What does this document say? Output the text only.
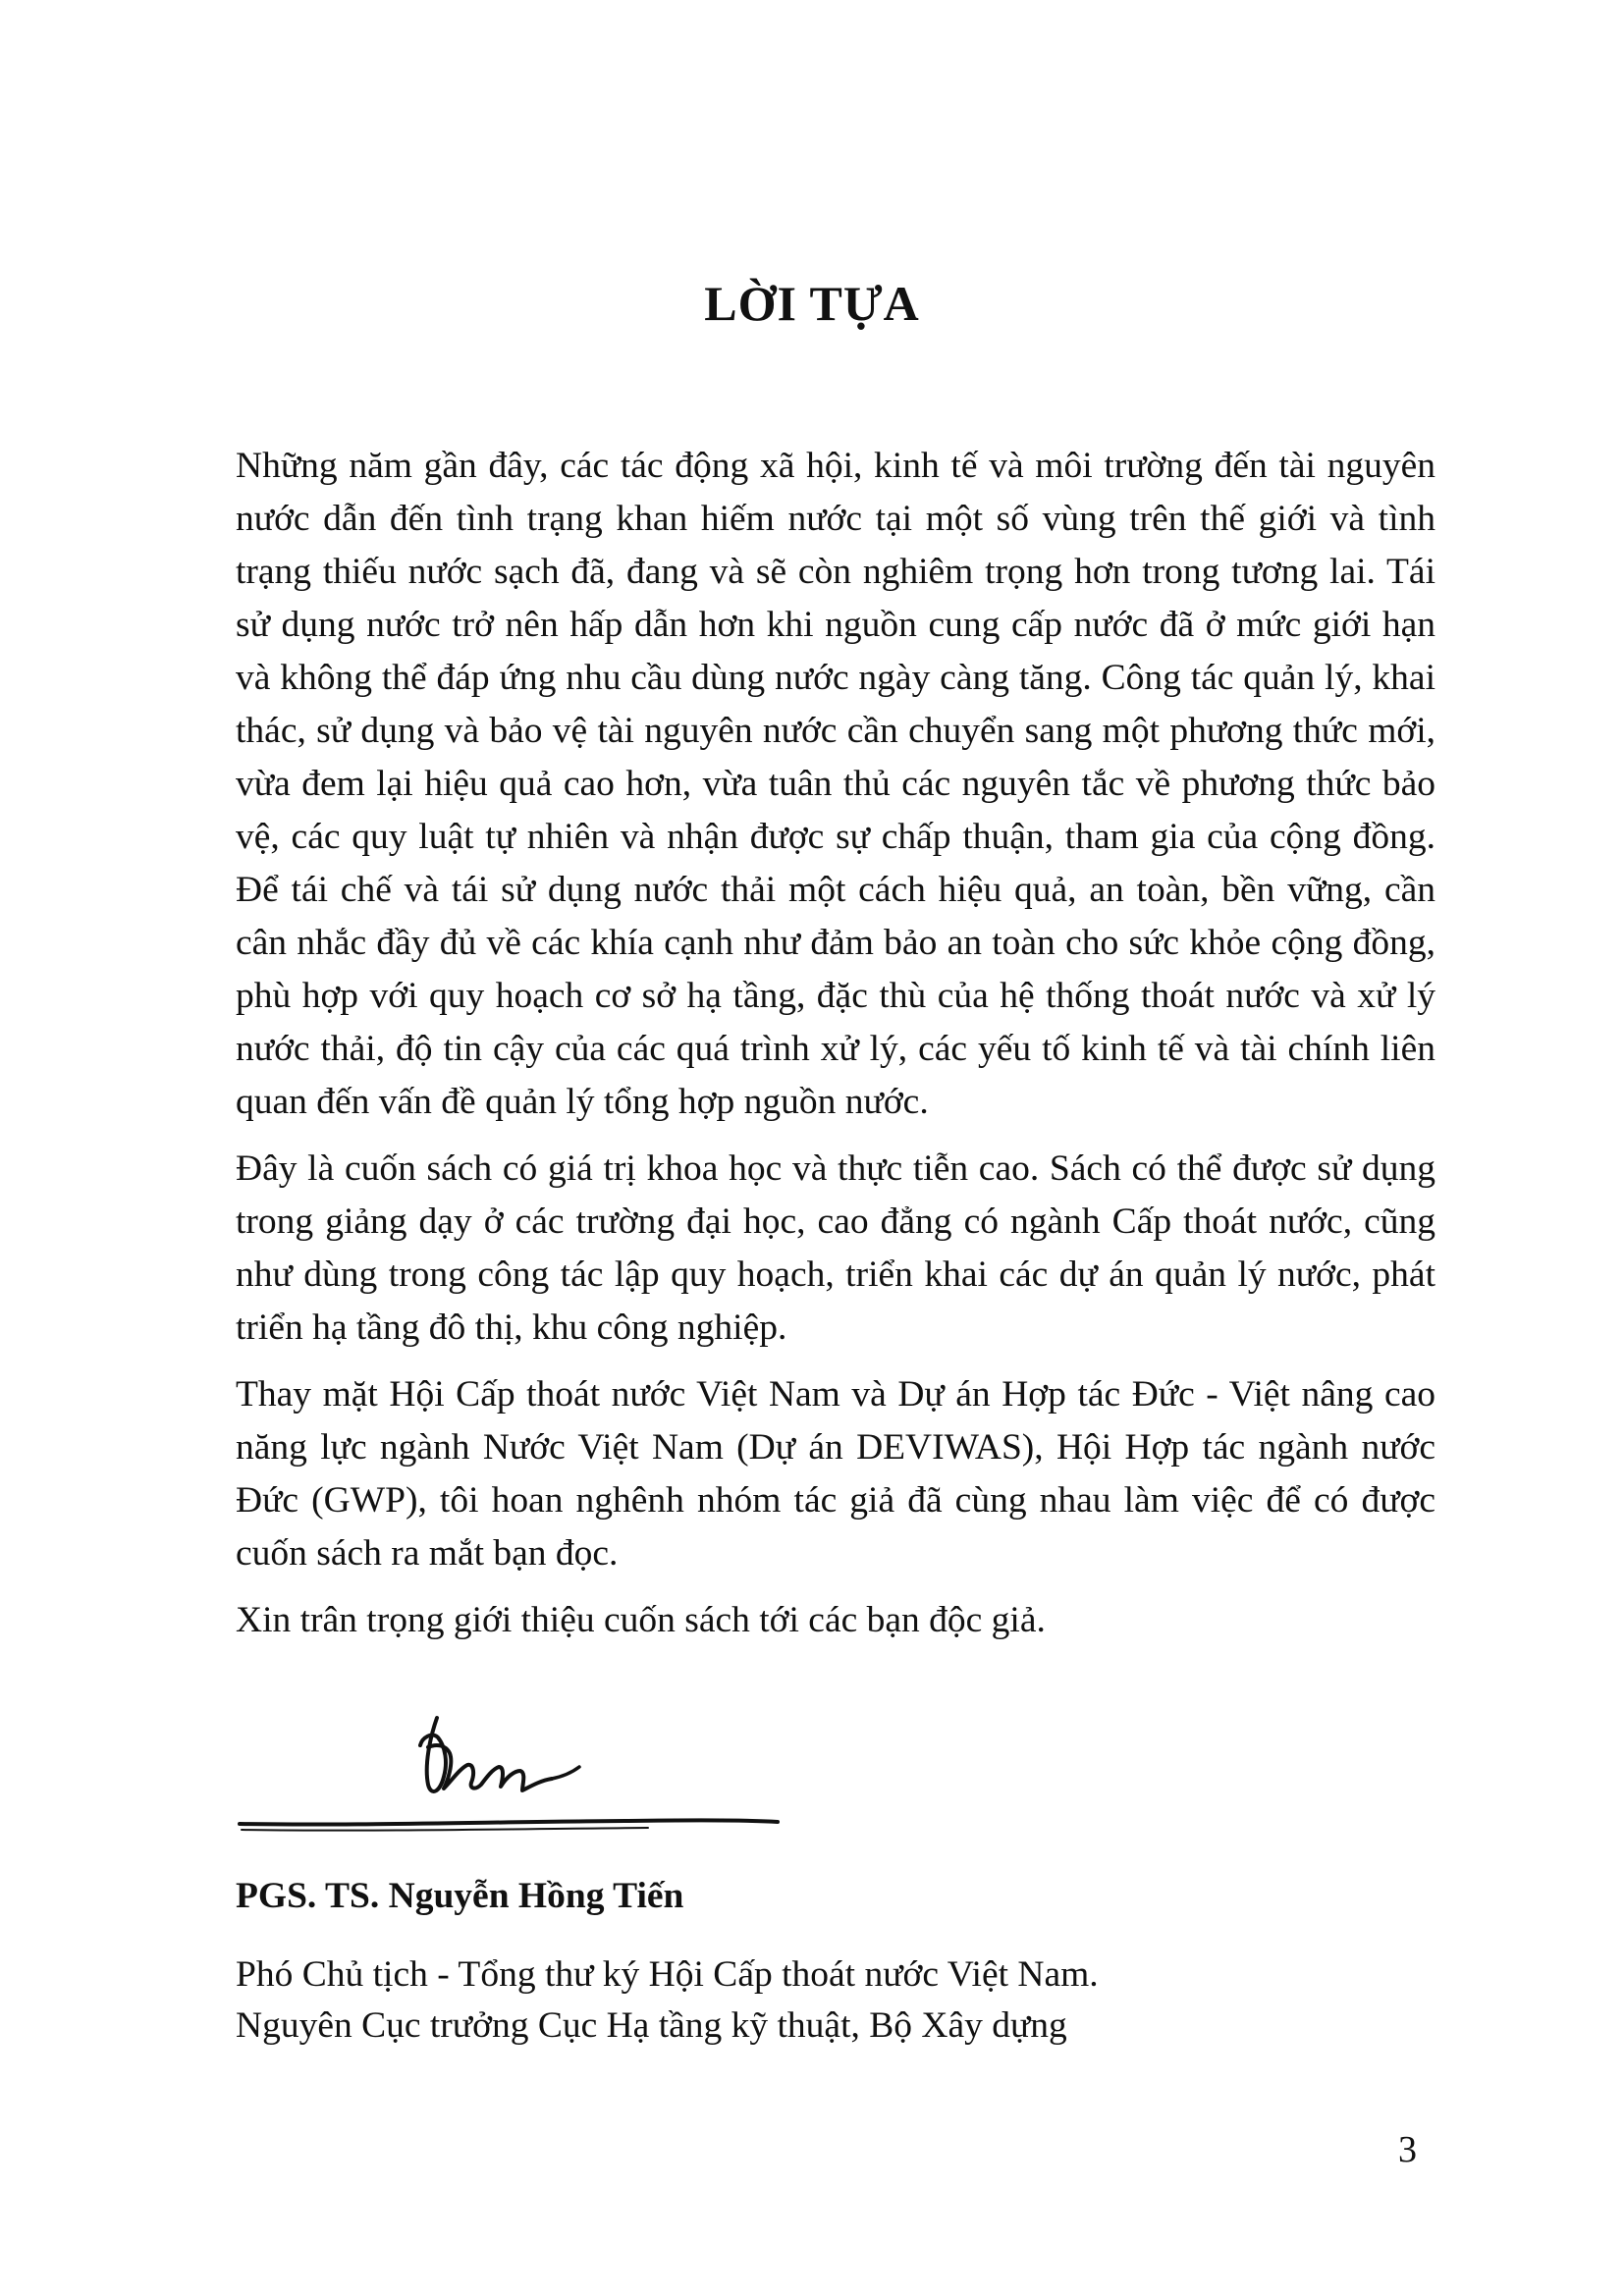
LỜI TỰA

Những năm gần đây, các tác động xã hội, kinh tế và môi trường đến tài nguyên nước dẫn đến tình trạng khan hiếm nước tại một số vùng trên thế giới và tình trạng thiếu nước sạch đã, đang và sẽ còn nghiêm trọng hơn trong tương lai. Tái sử dụng nước trở nên hấp dẫn hơn khi nguồn cung cấp nước đã ở mức giới hạn và không thể đáp ứng nhu cầu dùng nước ngày càng tăng. Công tác quản lý, khai thác, sử dụng và bảo vệ tài nguyên nước cần chuyển sang một phương thức mới, vừa đem lại hiệu quả cao hơn, vừa tuân thủ các nguyên tắc về phương thức bảo vệ, các quy luật tự nhiên và nhận được sự chấp thuận, tham gia của cộng đồng. Để tái chế và tái sử dụng nước thải một cách hiệu quả, an toàn, bền vững, cần cân nhắc đầy đủ về các khía cạnh như đảm bảo an toàn cho sức khỏe cộng đồng, phù hợp với quy hoạch cơ sở hạ tầng, đặc thù của hệ thống thoát nước và xử lý nước thải, độ tin cậy của các quá trình xử lý, các yếu tố kinh tế và tài chính liên quan đến vấn đề quản lý tổng hợp nguồn nước.

Đây là cuốn sách có giá trị khoa học và thực tiễn cao. Sách có thể được sử dụng trong giảng dạy ở các trường đại học, cao đẳng có ngành Cấp thoát nước, cũng như dùng trong công tác lập quy hoạch, triển khai các dự án quản lý nước, phát triển hạ tầng đô thị, khu công nghiệp.

Thay mặt Hội Cấp thoát nước Việt Nam và Dự án Hợp tác Đức - Việt nâng cao năng lực ngành Nước Việt Nam (Dự án DEVIWAS), Hội Hợp tác ngành nước Đức (GWP), tôi hoan nghênh nhóm tác giả đã cùng nhau làm việc để có được cuốn sách ra mắt bạn đọc.

Xin trân trọng giới thiệu cuốn sách tới các bạn độc giả.

PGS. TS. Nguyễn Hồng Tiến

Phó Chủ tịch - Tổng thư ký Hội Cấp thoát nước Việt Nam.
Nguyên Cục trưởng Cục Hạ tầng kỹ thuật, Bộ Xây dựng

3
